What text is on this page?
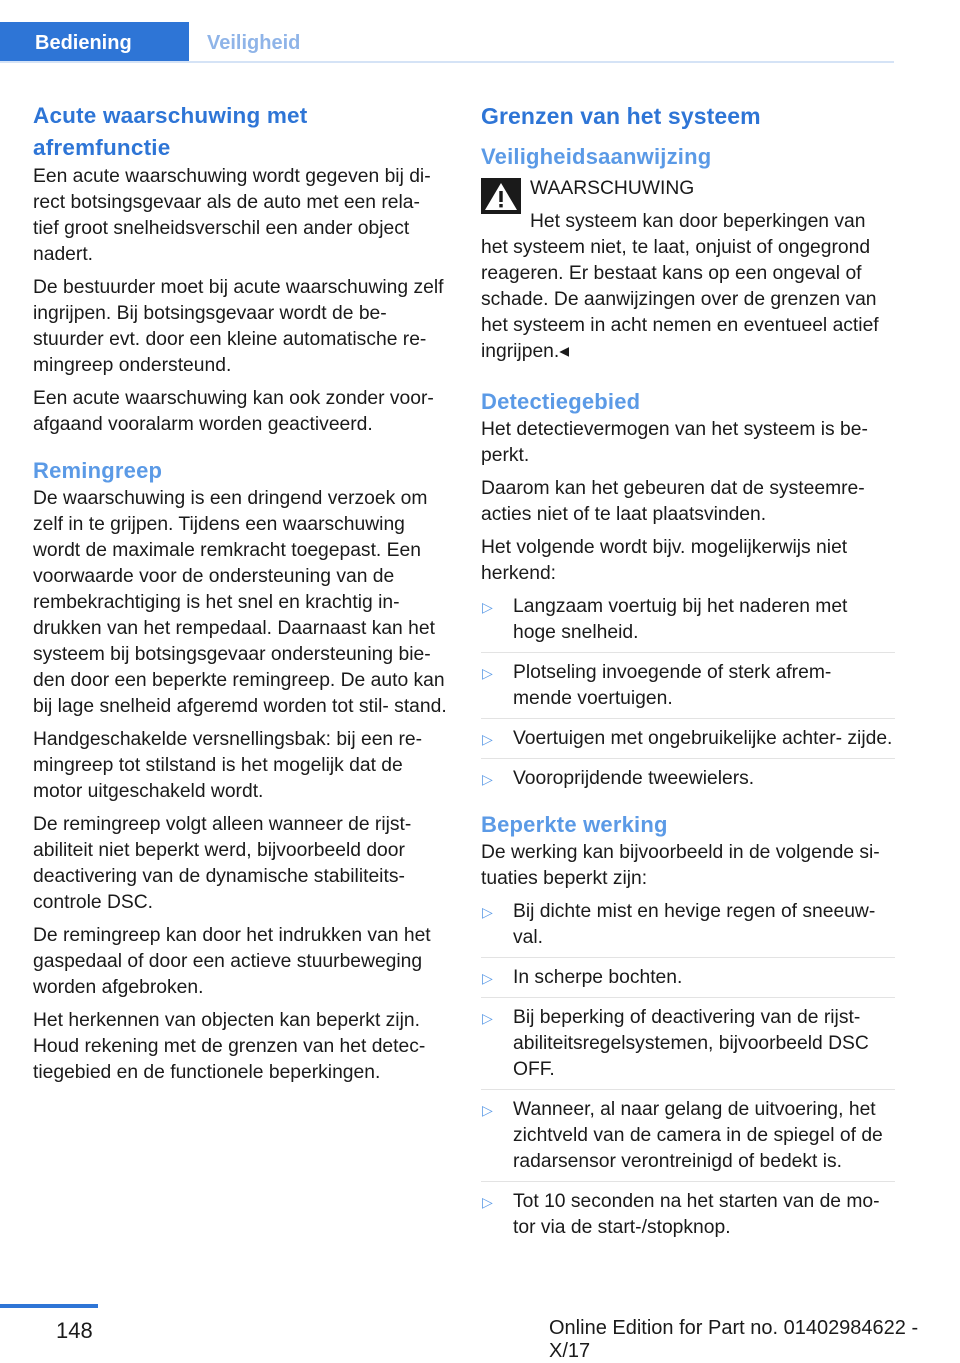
Bediening	Veiligheid
Acute waarschuwing met afremfunctie

Een acute waarschuwing wordt gegeven bij di‐ rect botsingsgevaar als de auto met een rela‐ tief groot snelheidsverschil een ander object nadert.

De bestuurder moet bij acute waarschuwing zelf ingrijpen. Bij botsingsgevaar wordt de be‐ stuurder evt. door een kleine automatische re‐ mingreep ondersteund.

Een acute waarschuwing kan ook zonder voor‐ afgaand vooralarm worden geactiveerd.

Remingreep

De waarschuwing is een dringend verzoek om zelf in te grijpen. Tijdens een waarschuwing wordt de maximale remkracht toegepast. Een voorwaarde voor de ondersteuning van de rembekrachtiging is het snel en krachtig in‐ drukken van het rempedaal. Daarnaast kan het systeem bij botsingsgevaar ondersteuning bie‐ den door een beperkte remingreep. De auto kan bij lage snelheid afgeremd worden tot stil‐ stand.

Handgeschakelde versnellingsbak: bij een re‐ mingreep tot stilstand is het mogelijk dat de motor uitgeschakeld wordt.

De remingreep volgt alleen wanneer de rijst‐ abiliteit niet beperkt werd, bijvoorbeeld door deactivering van de dynamische stabiliteits‐ controle DSC.

De remingreep kan door het indrukken van het gaspedaal of door een actieve stuurbeweging worden afgebroken.

Het herkennen van objecten kan beperkt zijn. Houd rekening met de grenzen van het detec‐ tiegebied en de functionele beperkingen.

Grenzen van het systeem
Veiligheidsaanwijzing
WAARSCHUWING
Het systeem kan door beperkingen van

het systeem niet, te laat, onjuist of ongegrond reageren. Er bestaat kans op een ongeval of schade. De aanwijzingen over de grenzen van het systeem in acht nemen en eventueel actief ingrijpen.◂

Detectiegebied

Het detectievermogen van het systeem is be‐ perkt.

Daarom kan het gebeuren dat de systeemre‐ acties niet of te laat plaatsvinden.

Het volgende wordt bijv. mogelijkerwijs niet herkend:

▷ Langzaam voertuig bij het naderen met hoge snelheid.
▷ Plotseling invoegende of sterk afrem‐ mende voertuigen.
▷ Voertuigen met ongebruikelijke achter‐ zijde.
▷ Vooroprijdende tweewielers.
Beperkte werking

De werking kan bijvoorbeeld in de volgende si‐ tuaties beperkt zijn:

▷ Bij dichte mist en hevige regen of sneeuw‐ val.
▷ In scherpe bochten.
▷ Bij beperking of deactivering van de rijst‐ abiliteitsregelsystemen, bijvoorbeeld DSC OFF.
▷ Wanneer, al naar gelang de uitvoering, het zichtveld van de camera in de spiegel of de radarsensor verontreinigd of bedekt is.
▷ Tot 10 seconden na het starten van de mo‐ tor via de start-/stopknop.
148	Online Edition for Part no. 01402984622 - X/17
